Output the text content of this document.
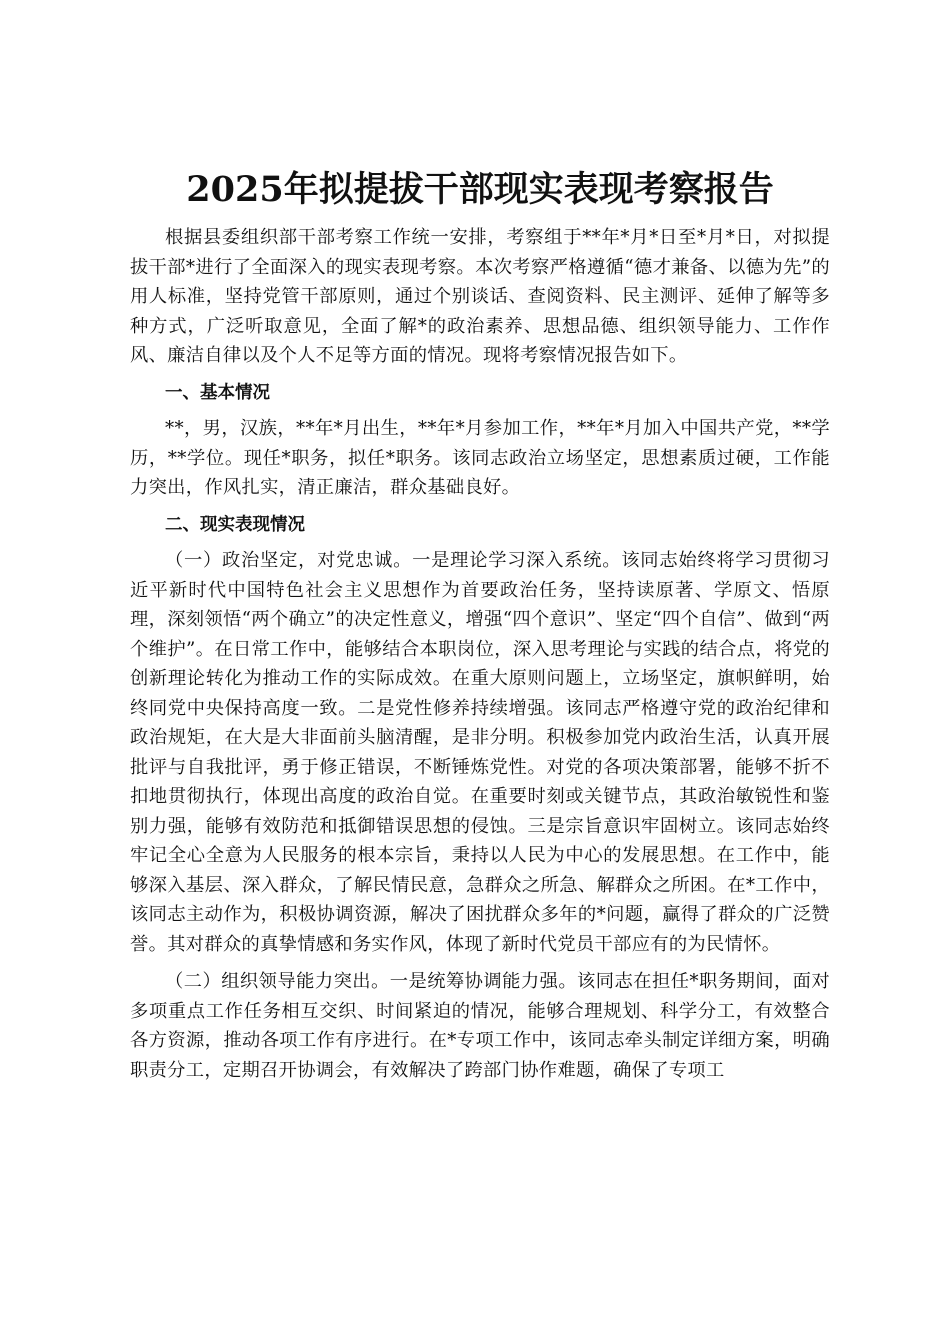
2025年拟提拔干部现实表现考察报告

根据县委组织部干部考察工作统一安排，考察组于**年*月*日至*月*日，对拟提拔干部*进行了全面深入的现实表现考察。本次考察严格遵循“德才兼备、以德为先”的用人标准，坚持党管干部原则，通过个别谈话、查阅资料、民主测评、延伸了解等多种方式，广泛听取意见，全面了解*的政治素养、思想品德、组织领导能力、工作作风、廉洁自律以及个人不足等方面的情况。现将考察情况报告如下。

一、基本情况

**，男，汉族，**年*月出生，**年*月参加工作，**年*月加入中国共产党，**学历，**学位。现任*职务，拟任*职务。该同志政治立场坚定，思想素质过硬，工作能力突出，作风扎实，清正廉洁，群众基础良好。

二、现实表现情况

（一）政治坚定，对党忠诚。一是理论学习深入系统。该同志始终将学习贯彻习近平新时代中国特色社会主义思想作为首要政治任务，坚持读原著、学原文、悟原理，深刻领悟“两个确立”的决定性意义，增强“四个意识”、坚定“四个自信”、做到“两个维护”。在日常工作中，能够结合本职岗位，深入思考理论与实践的结合点，将党的创新理论转化为推动工作的实际成效。在重大原则问题上，立场坚定，旗帜鲜明，始终同党中央保持高度一致。二是党性修养持续增强。该同志严格遵守党的政治纪律和政治规矩，在大是大非面前头脑清醒，是非分明。积极参加党内政治生活，认真开展批评与自我批评，勇于修正错误，不断锤炼党性。对党的各项决策部署，能够不折不扣地贯彻执行，体现出高度的政治自觉。在重要时刻或关键节点，其政治敏锐性和鉴别力强，能够有效防范和抵御错误思想的侵蚀。三是宗旨意识牢固树立。该同志始终牢记全心全意为人民服务的根本宗旨，秉持以人民为中心的发展思想。在工作中，能够深入基层、深入群众，了解民情民意，急群众之所急、解群众之所困。在*工作中，该同志主动作为，积极协调资源，解决了困扰群众多年的*问题，赢得了群众的广泛赞誉。其对群众的真挚情感和务实作风，体现了新时代党员干部应有的为民情怀。

（二）组织领导能力突出。一是统筹协调能力强。该同志在担任*职务期间，面对多项重点工作任务相互交织、时间紧迫的情况，能够合理规划、科学分工，有效整合各方资源，推动各项工作有序进行。在*专项工作中，该同志牵头制定详细方案，明确职责分工，定期召开协调会，有效解决了跨部门协作难题，确保了专项工
